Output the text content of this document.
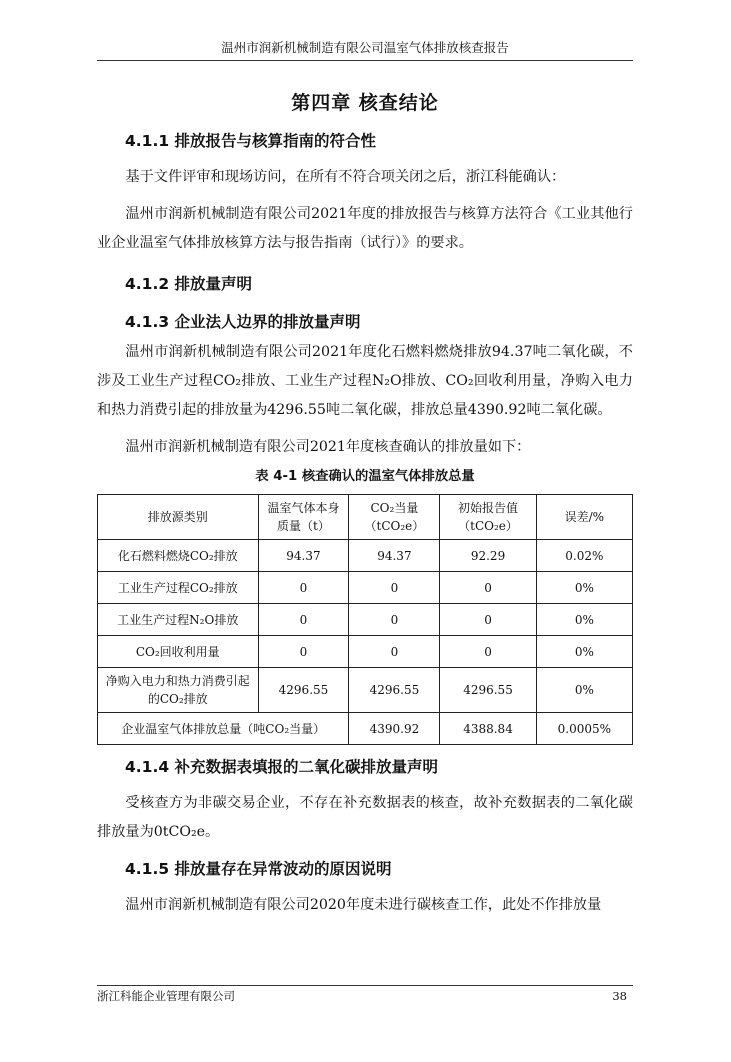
温州市润新机械制造有限公司温室气体排放核查报告
第四章 核查结论
4.1.1 排放报告与核算指南的符合性

基于文件评审和现场访问，在所有不符合项关闭之后，浙江科能确认：

温州市润新机械制造有限公司2021年度的排放报告与核算方法符合《工业其他行业企业温室气体排放核算方法与报告指南（试行）》的要求。

4.1.2 排放量声明
4.1.3 企业法人边界的排放量声明

温州市润新机械制造有限公司2021年度化石燃料燃烧排放94.37吨二氧化碳，不涉及工业生产过程CO₂排放、工业生产过程N₂O排放、CO₂回收利用量，净购入电力和热力消费引起的排放量为4296.55吨二氧化碳，排放总量4390.92吨二氧化碳。

温州市润新机械制造有限公司2021年度核查确认的排放量如下：

表 4-1 核查确认的温室气体排放总量
排放源类别	温室气体本身质量（t）	CO₂当量（tCO₂e）	初始报告值（tCO₂e）	误差/%
化石燃料燃烧CO₂排放	94.37	94.37	92.29	0.02%
工业生产过程CO₂排放	0	0	0	0%
工业生产过程N₂O排放	0	0	0	0%
CO₂回收利用量	0	0	0	0%
净购入电力和热力消费引起的CO₂排放	4296.55	4296.55	4296.55	0%
企业温室气体排放总量（吨CO₂当量）		4390.92	4388.84	0.0005%
4.1.4 补充数据表填报的二氧化碳排放量声明

受核查方为非碳交易企业，不存在补充数据表的核查，故补充数据表的二氧化碳排放量为0tCO₂e。

4.1.5 排放量存在异常波动的原因说明

温州市润新机械制造有限公司2020年度未进行碳核查工作，此处不作排放量

浙江科能企业管理有限公司	38
